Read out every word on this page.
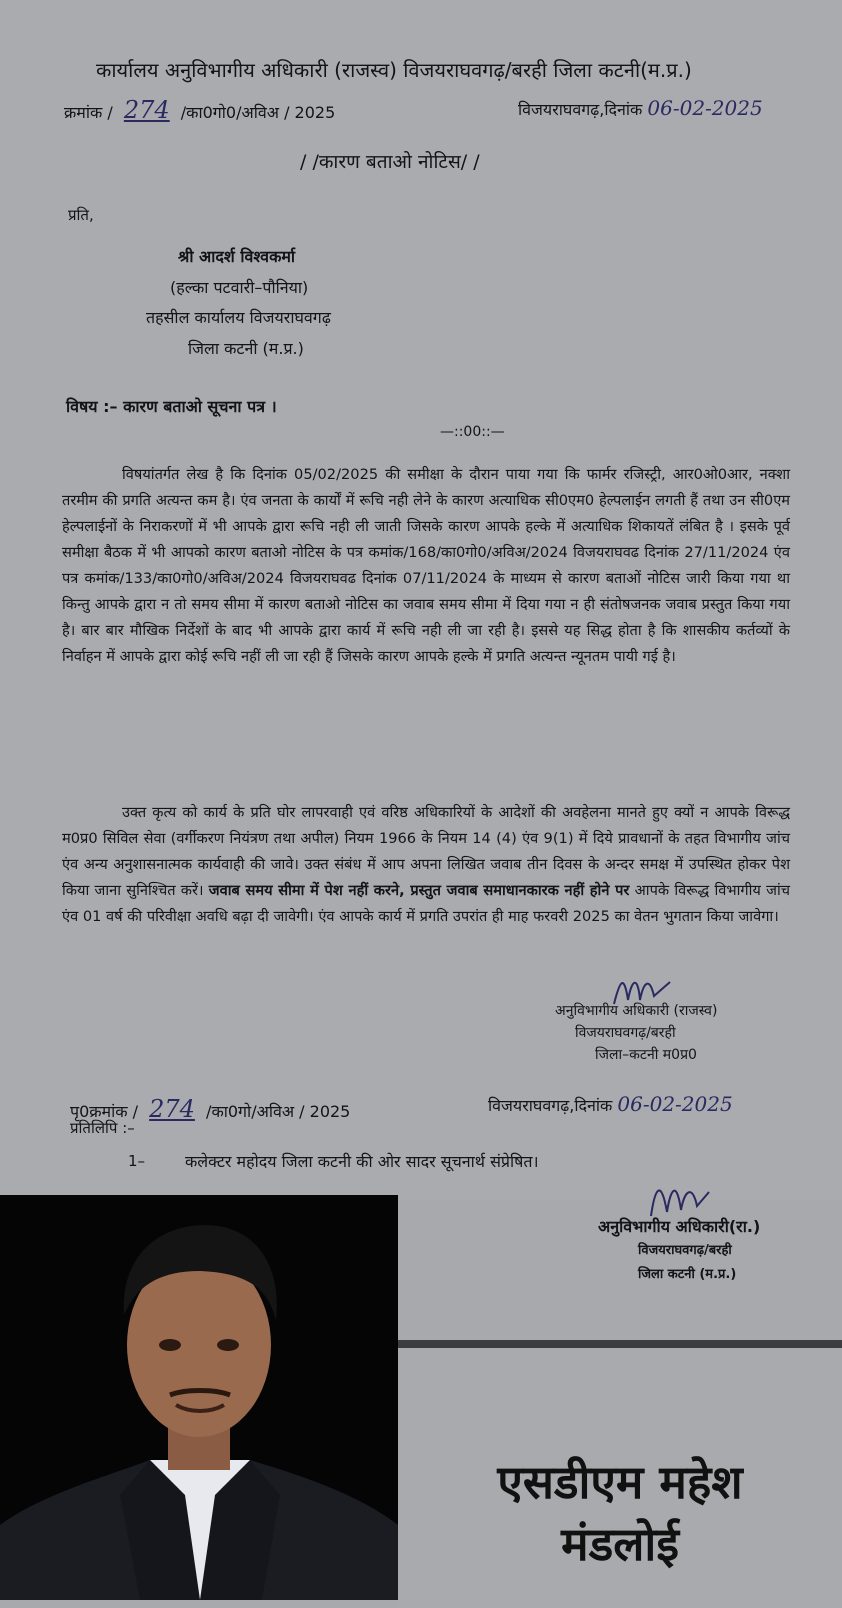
कार्यालय अनुविभागीय अधिकारी (राजस्व) विजयराघवगढ़/बरही जिला कटनी(म.प्र.)
क्रमांक / 274 /का0गो0/अविअ / 2025	विजयराघवगढ़,दिनांक 06-02-2025
/ /कारण बताओ नोटिस/ /
प्रति,
श्री आदर्श विश्वकर्मा
(हल्का पटवारी–पौनिया)
तहसील कार्यालय विजयराघवगढ़
जिला कटनी (म.प्र.)
विषय :– कारण बताओ सूचना पत्र ।
—::00::—

विषयांतर्गत लेख है कि दिनांक 05/02/2025 की समीक्षा के दौरान पाया गया कि फार्मर रजिस्ट्री, आर0ओ0आर, नक्शा तरमीम की प्रगति अत्यन्त कम है। एंव जनता के कार्यों में रूचि नही लेने के कारण अत्याधिक सी0एम0 हेल्पलाईन लगती हैं तथा उन सी0एम हेल्पलाईनों के निराकरणों में भी आपके द्वारा रूचि नही ली जाती जिसके कारण आपके हल्के में अत्याधिक शिकायतें लंबित है । इसके पूर्व समीक्षा बैठक में भी आपको कारण बताओ नोटिस के पत्र कमांक/168/का0गो0/अविअ/2024 विजयराघवढ दिनांक 27/11/2024 एंव पत्र कमांक/133/का0गो0/अविअ/2024 विजयराघवढ दिनांक 07/11/2024 के माध्यम से कारण बताओं नोटिस जारी किया गया था किन्तु आपके द्वारा न तो समय सीमा में कारण बताओ नोटिस का जवाब समय सीमा में दिया गया न ही संतोषजनक जवाब प्रस्तुत किया गया है। बार बार मौखिक निर्देशों के बाद भी आपके द्वारा कार्य में रूचि नही ली जा रही है। इससे यह सिद्ध होता है कि शासकीय कर्तव्यों के निर्वाहन में आपके द्वारा कोई रूचि नहीं ली जा रही हैं जिसके कारण आपके हल्के में प्रगति अत्यन्त न्यूनतम पायी गई है।

उक्त कृत्य को कार्य के प्रति घोर लापरवाही एवं वरिष्ठ अधिकारियों के आदेशों की अवहेलना मानते हुए क्यों न आपके विरूद्ध म0प्र0 सिविल सेवा (वर्गीकरण नियंत्रण तथा अपील) नियम 1966 के नियम 14 (4) एंव 9(1) में दिये प्रावधानों के तहत विभागीय जांच एंव अन्य अनुशासनात्मक कार्यवाही की जावे। उक्त संबंध में आप अपना लिखित जवाब तीन दिवस के अन्दर समक्ष में उपस्थित होकर पेश किया जाना सुनिश्चित करें। जवाब समय सीमा में पेश नहीं करने, प्रस्तुत जवाब समाधानकारक नहीं होने पर आपके विरूद्ध विभागीय जांच एंव 01 वर्ष की परिवीक्षा अवधि बढ़ा दी जावेगी। एंव आपके कार्य में प्रगति उपरांत ही माह फरवरी 2025 का वेतन भुगतान किया जावेगा।

अनुविभागीय अधिकारी (राजस्व)
विजयराघवगढ़/बरही
जिला–कटनी म0प्र0
पृ0क्रमांक / 274 /का0गो/अविअ / 2025	विजयराघवगढ़,दिनांक 06-02-2025
प्रतिलिपि :–
1– कलेक्टर महोदय जिला कटनी की ओर सादर सूचनार्थ संप्रेषित।
अनुविभागीय अधिकारी(रा.)
विजयराघवगढ़/बरही
जिला कटनी (म.प्र.)
एसडीएम महेश
मंडलोई
